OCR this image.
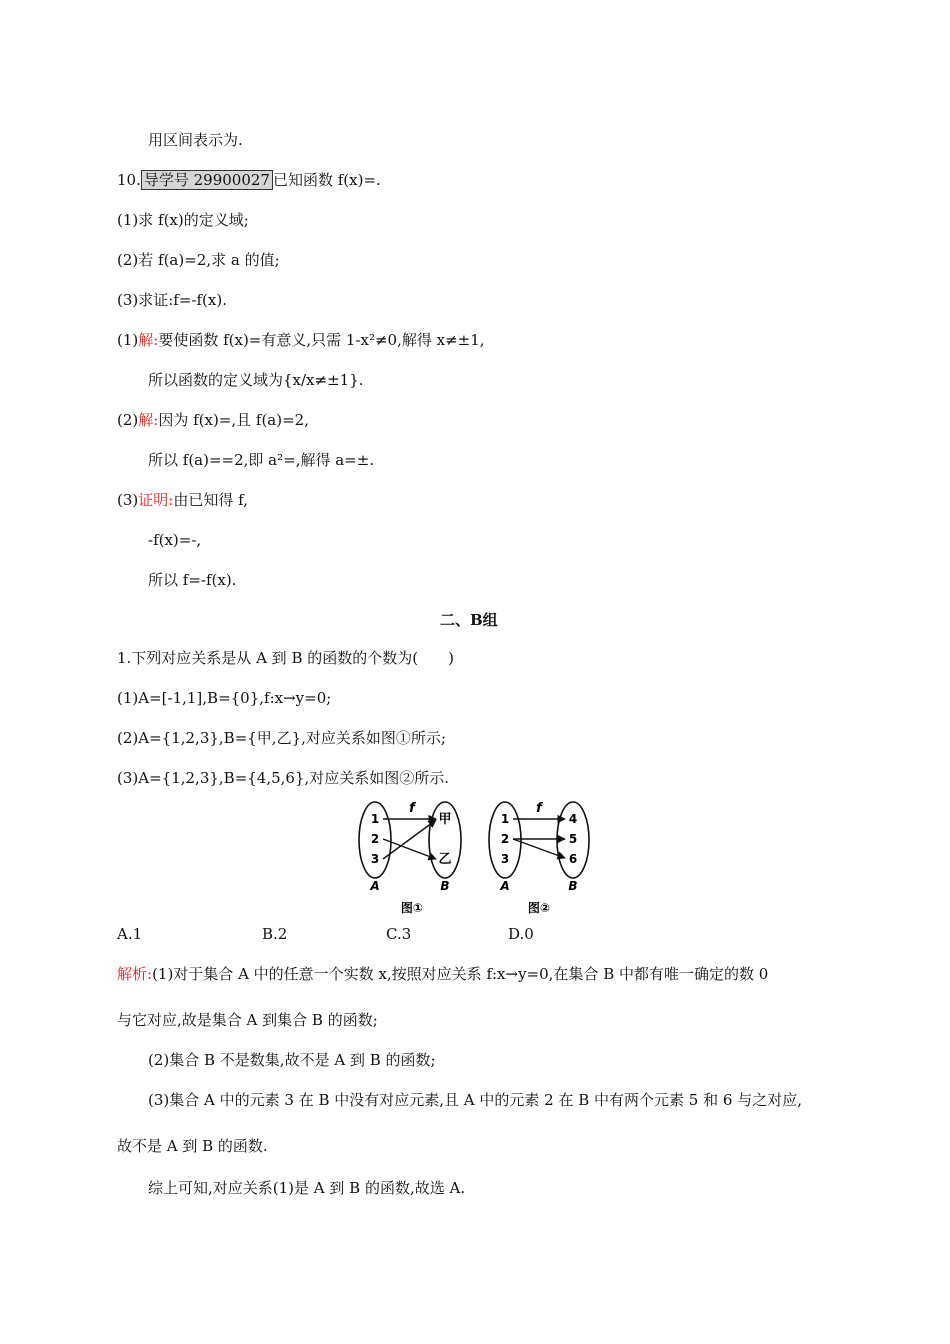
用区间表示为.
10. 导学号 29900027 已知函数 f(x)=.
(1)求 f(x)的定义域;
(2)若 f(a)=2,求 a 的值;
(3)求证:f=-f(x).
(1)解:要使函数 f(x)=有意义,只需 1-x²≠0,解得 x≠±1,
所以函数的定义域为{x/x≠±1}.
(2)解:因为 f(x)=,且 f(a)=2,
所以 f(a)==2,即 a²=,解得 a=±.
(3)证明:由已知得 f,
-f(x)=-,
所以 f=-f(x).
二、B组
1.下列对应关系是从 A 到 B 的函数的个数为(　　)
(1)A=[-1,1],B={0},f:x→y=0;
(2)A={1,2,3},B={甲,乙},对应关系如图①所示;
(3)A={1,2,3},B={4,5,6},对应关系如图②所示.
f
1
2
3
甲
乙
A	B
图①
f
1
2
3
4
5
6
A	B
图②
A.1	B.2	C.3	D.0
解析:(1)对于集合 A 中的任意一个实数 x,按照对应关系 f:x→y=0,在集合 B 中都有唯一确定的数 0
与它对应,故是集合 A 到集合 B 的函数;
(2)集合 B 不是数集,故不是 A 到 B 的函数;
(3)集合 A 中的元素 3 在 B 中没有对应元素,且 A 中的元素 2 在 B 中有两个元素 5 和 6 与之对应,
故不是 A 到 B 的函数.
综上可知,对应关系(1)是 A 到 B 的函数,故选 A.
